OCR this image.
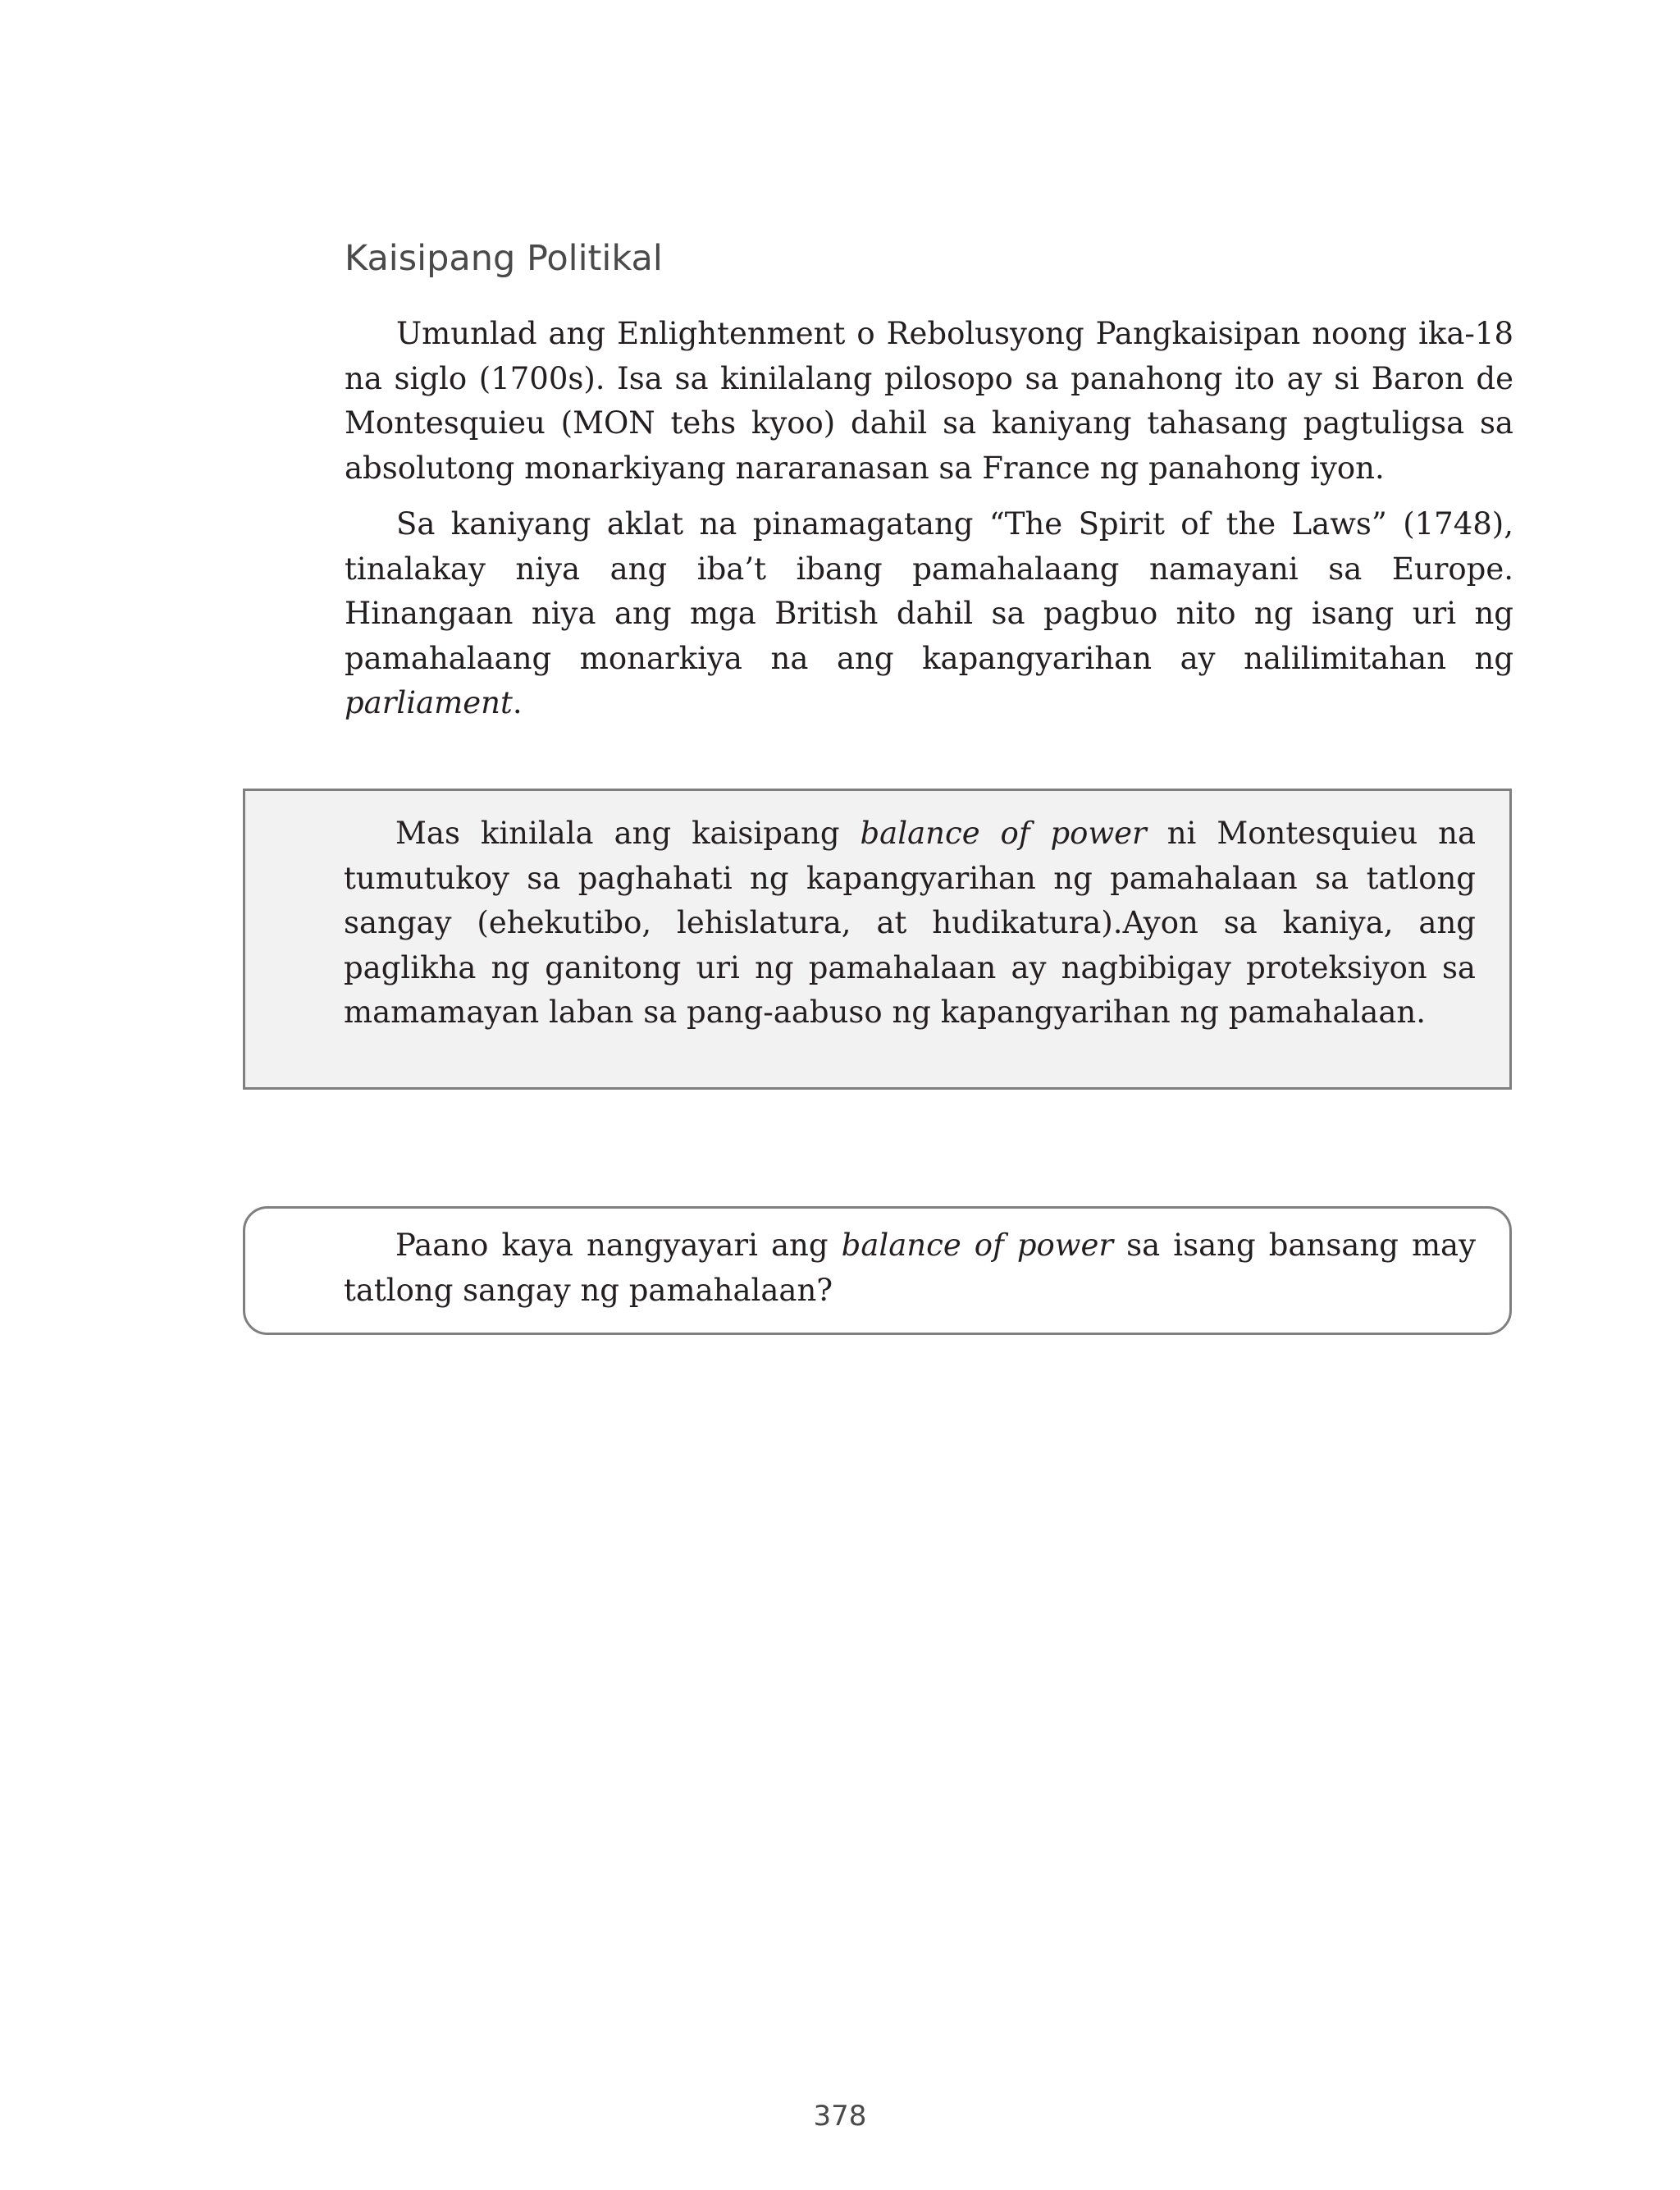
Kaisipang Politikal

Umunlad ang Enlightenment o Rebolusyong Pangkaisipan noong ika-18 na siglo (1700s). Isa sa kinilalang pilosopo sa panahong ito ay si Baron de Montesquieu (MON tehs kyoo) dahil sa kaniyang tahasang pagtuligsa sa absolutong monarkiyang nararanasan sa France ng panahong iyon.

Sa kaniyang aklat na pinamagatang “The Spirit of the Laws” (1748), tinalakay niya ang iba’t ibang pamahalaang namayani sa Europe. Hinangaan niya ang mga British dahil sa pagbuo nito ng isang uri ng pamahalaang monarkiya na ang kapangyarihan ay nalilimitahan ng parliament.

Mas kinilala ang kaisipang balance of power ni Montesquieu na tumutukoy sa paghahati ng kapangyarihan ng pamahalaan sa tatlong sangay (ehekutibo, lehislatura, at hudikatura).Ayon sa kaniya, ang paglikha ng ganitong uri ng pamahalaan ay nagbibigay proteksiyon sa mamamayan laban sa pang-aabuso ng kapangyarihan ng pamahalaan.

Paano kaya nangyayari ang balance of power sa isang bansang may tatlong sangay ng pamahalaan?

378
